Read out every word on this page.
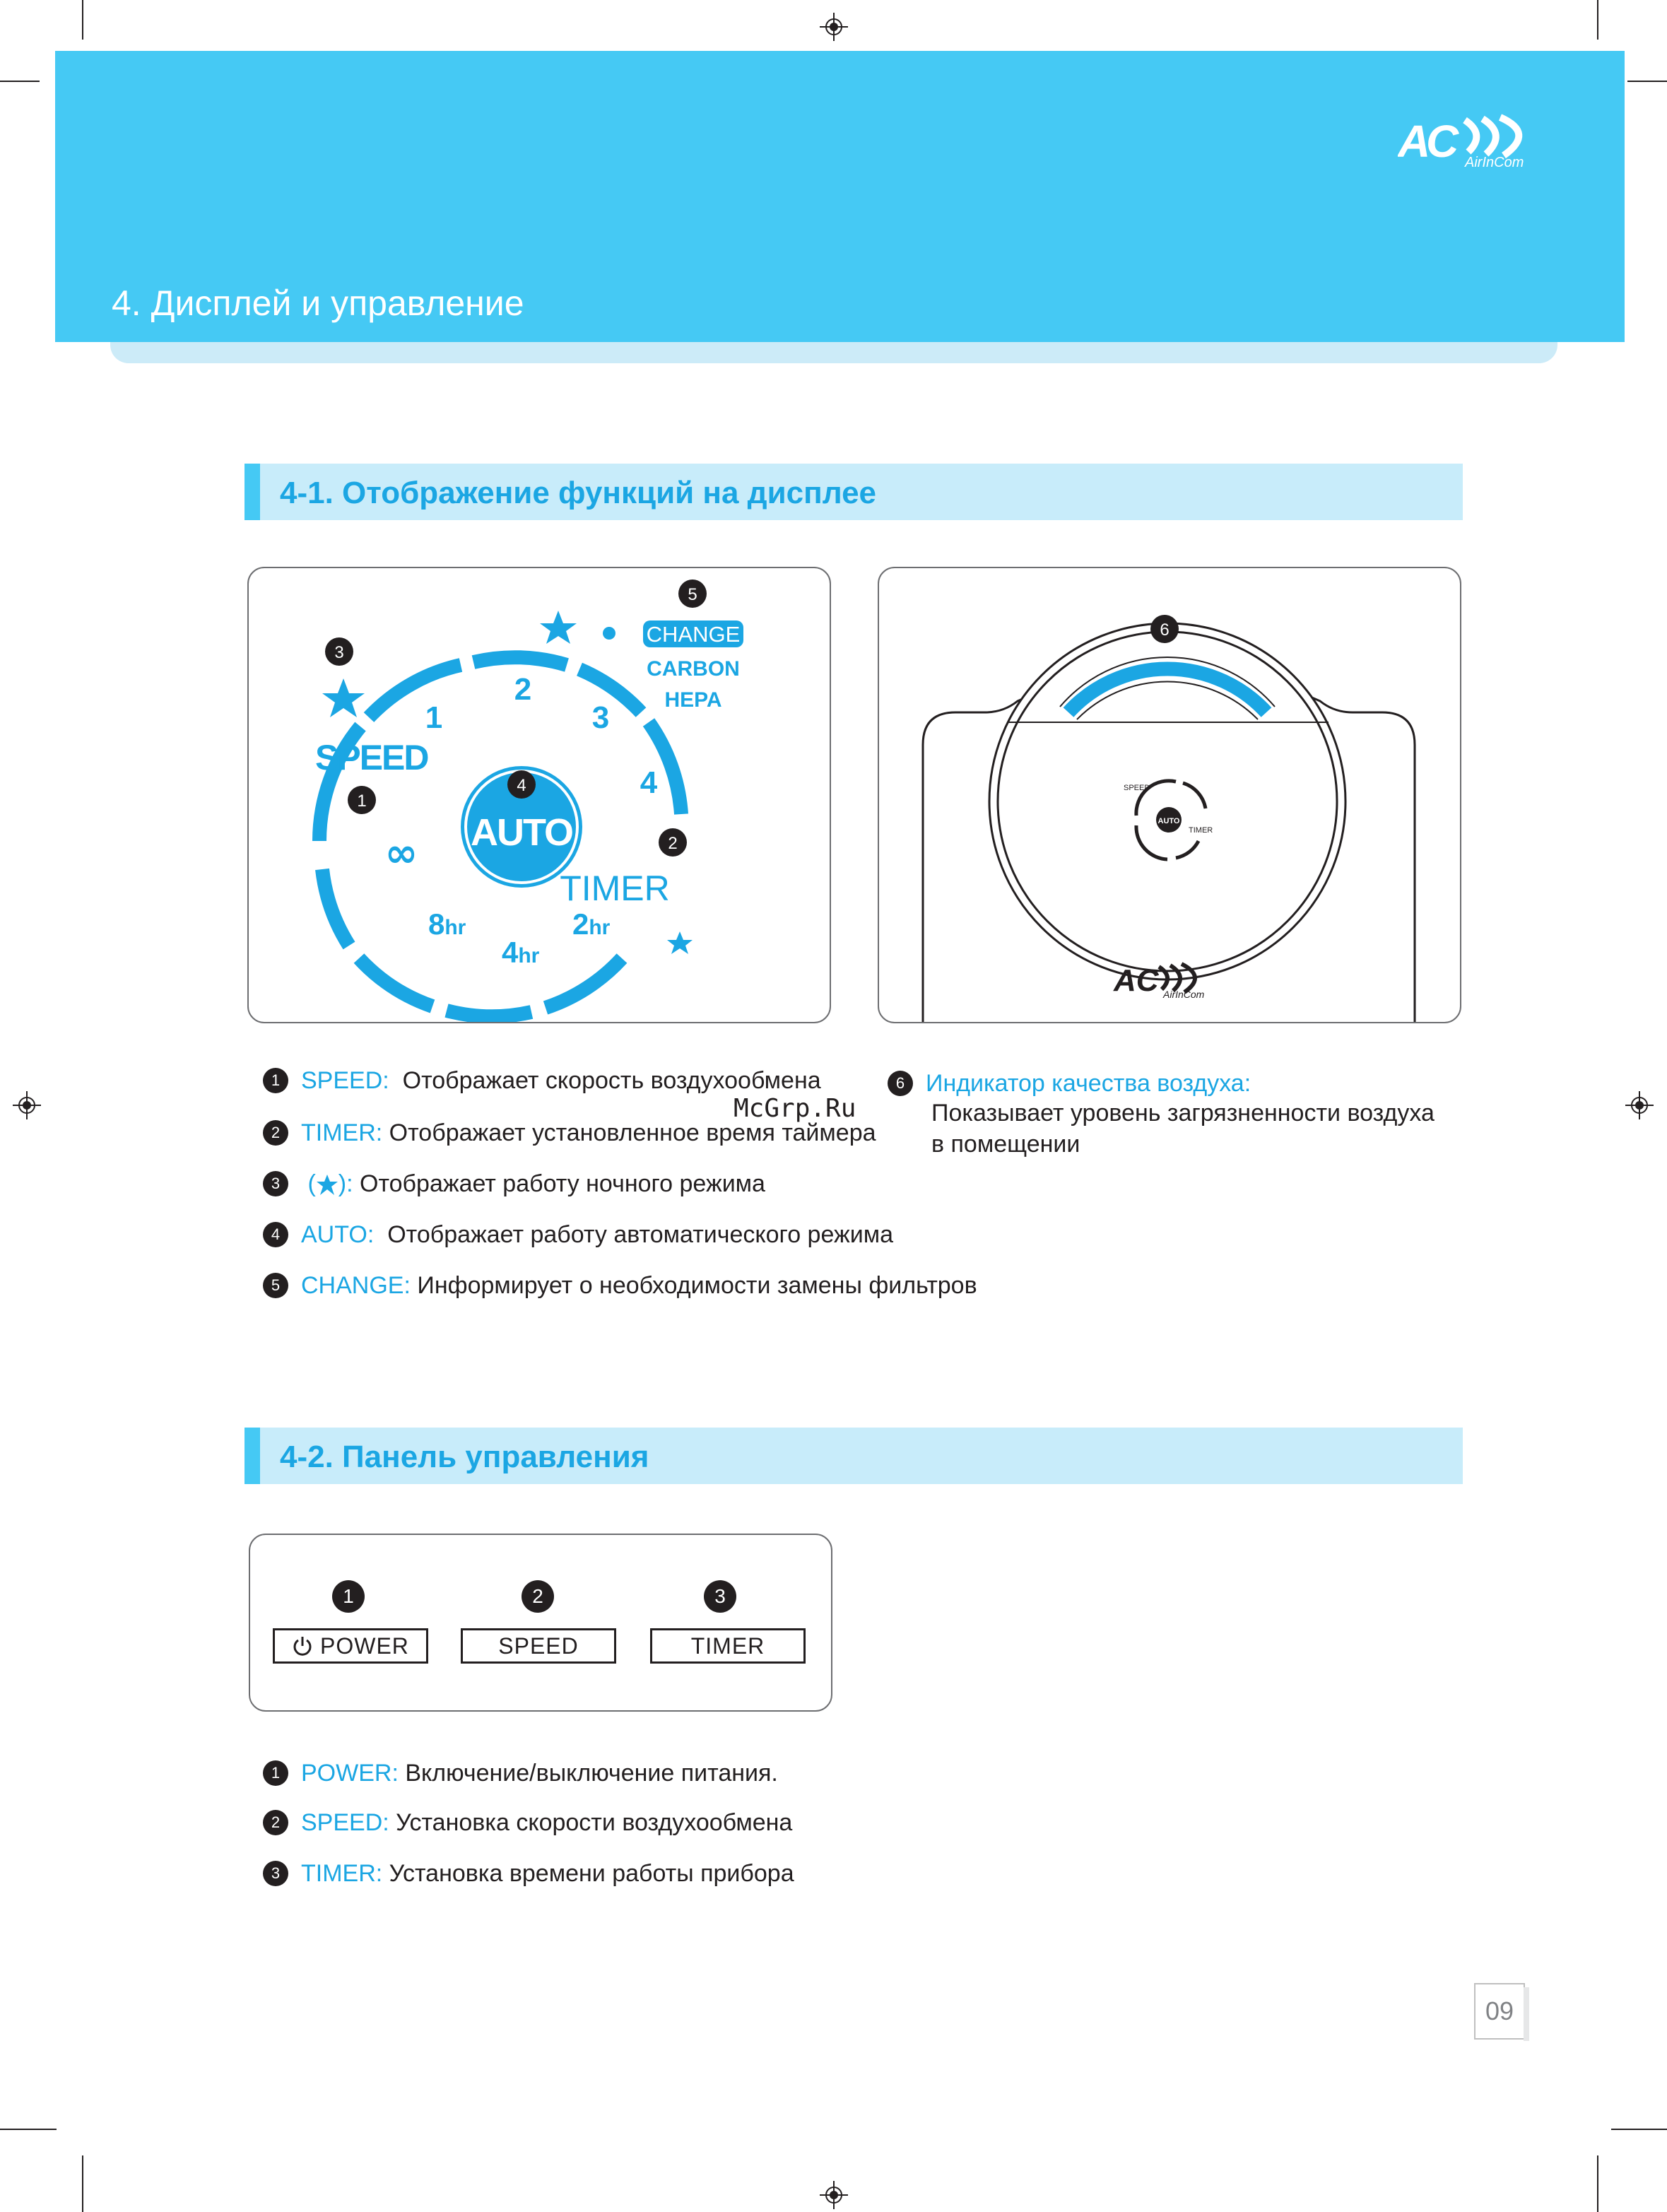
4. Дисплей и управление
A
C AirInCom
4-1. Отображение функций на дисплее
AUTO
SPEED
1
2
3
4
TIMER
∞
8hr
4hr
2hr
CHANGE
CARBON
HEPA
5
3
1
4
2
AUTO
SPEED
TIMER
6
AC AirInCom
1 SPEED: Отображает скорость воздухообмена
2 TIMER: Отображает установленное время таймера
3 ( ): Отображает работу ночного режима
4 AUTO: Отображает работу автоматического режима
5 CHANGE: Информирует о необходимости замены фильтров
6 Индикатор качества воздуха:
Показывает уровень загрязненности воздуха
в помещении
McGrp.Ru
4-2. Панель управления
1	2	3
POWER	SPEED	TIMER
1 POWER: Включение/выключение питания.
2 SPEED: Установка скорости воздухообмена
3 TIMER: Установка времени работы прибора
09
